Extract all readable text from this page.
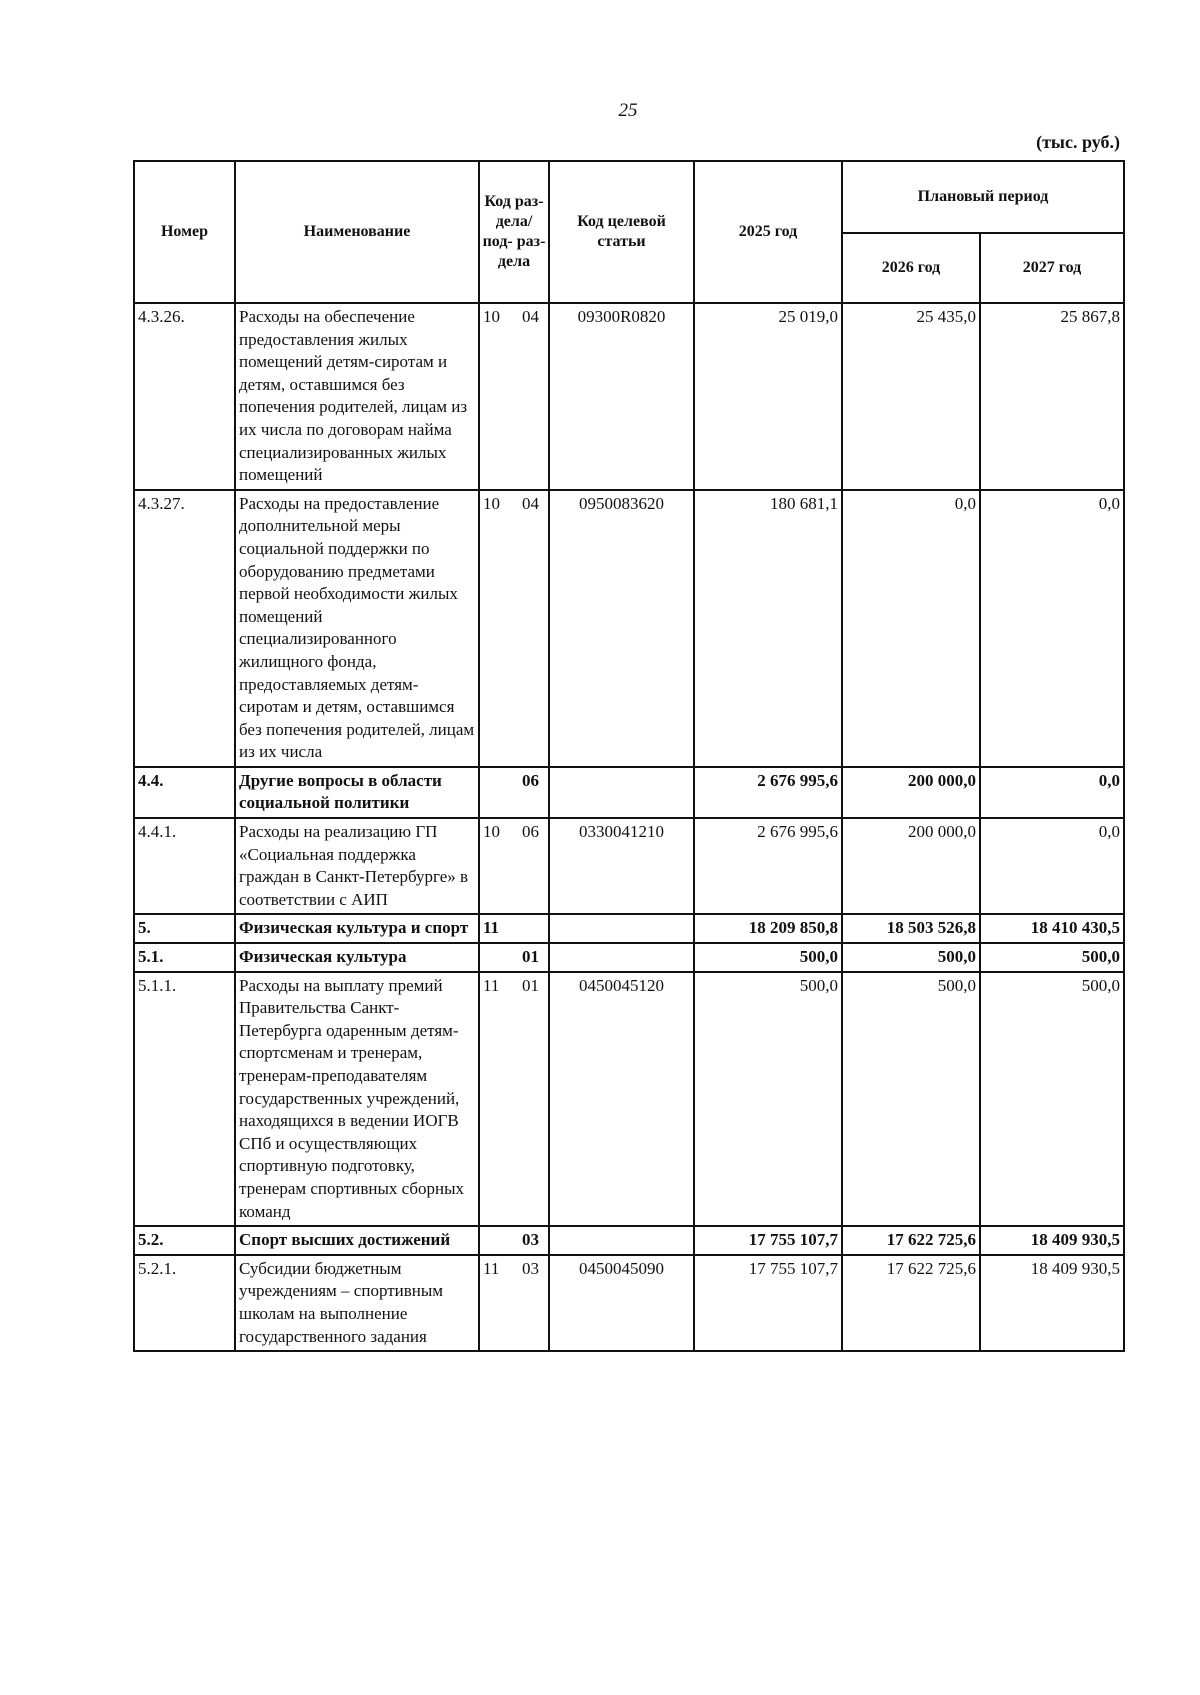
25
(тыс. руб.)
Номер	Наименование	Код раз- дела/ под- раз- дела	Код целевой статьи	2025 год	Плановый период	
					2026 год	2027 год
4.3.26.	Расходы на обеспечение предоставления жилых помещений детям-сиротам и детям, оставшимся без попечения родителей, лицам из их числа по договорам найма специализированных жилых помещений	10 04	09300R0820	25 019,0	25 435,0	25 867,8
4.3.27.	Расходы на предоставление дополнительной меры социальной поддержки по оборудованию предметами первой необходимости жилых помещений специализированного жилищного фонда, предоставляемых детям-сиротам и детям, оставшимся без попечения родителей, лицам из их числа	10 04	0950083620	180 681,1	0,0	0,0
4.4.	Другие вопросы в области социальной политики	06		2 676 995,6	200 000,0	0,0
4.4.1.	Расходы на реализацию ГП «Социальная поддержка граждан в Санкт-Петербурге» в соответствии с АИП	10 06	0330041210	2 676 995,6	200 000,0	0,0
5.	Физическая культура и спорт	11		18 209 850,8	18 503 526,8	18 410 430,5
5.1.	Физическая культура	01		500,0	500,0	500,0
5.1.1.	Расходы на выплату премий Правительства Санкт-Петербурга одаренным детям-спортсменам и тренерам, тренерам-преподавателям государственных учреждений, находящихся в ведении ИОГВ СПб и осуществляющих спортивную подготовку, тренерам спортивных сборных команд	11 01	0450045120	500,0	500,0	500,0
5.2.	Спорт высших достижений	03		17 755 107,7	17 622 725,6	18 409 930,5
5.2.1.	Субсидии бюджетным учреждениям – спортивным школам на выполнение государственного задания	11 03	0450045090	17 755 107,7	17 622 725,6	18 409 930,5
